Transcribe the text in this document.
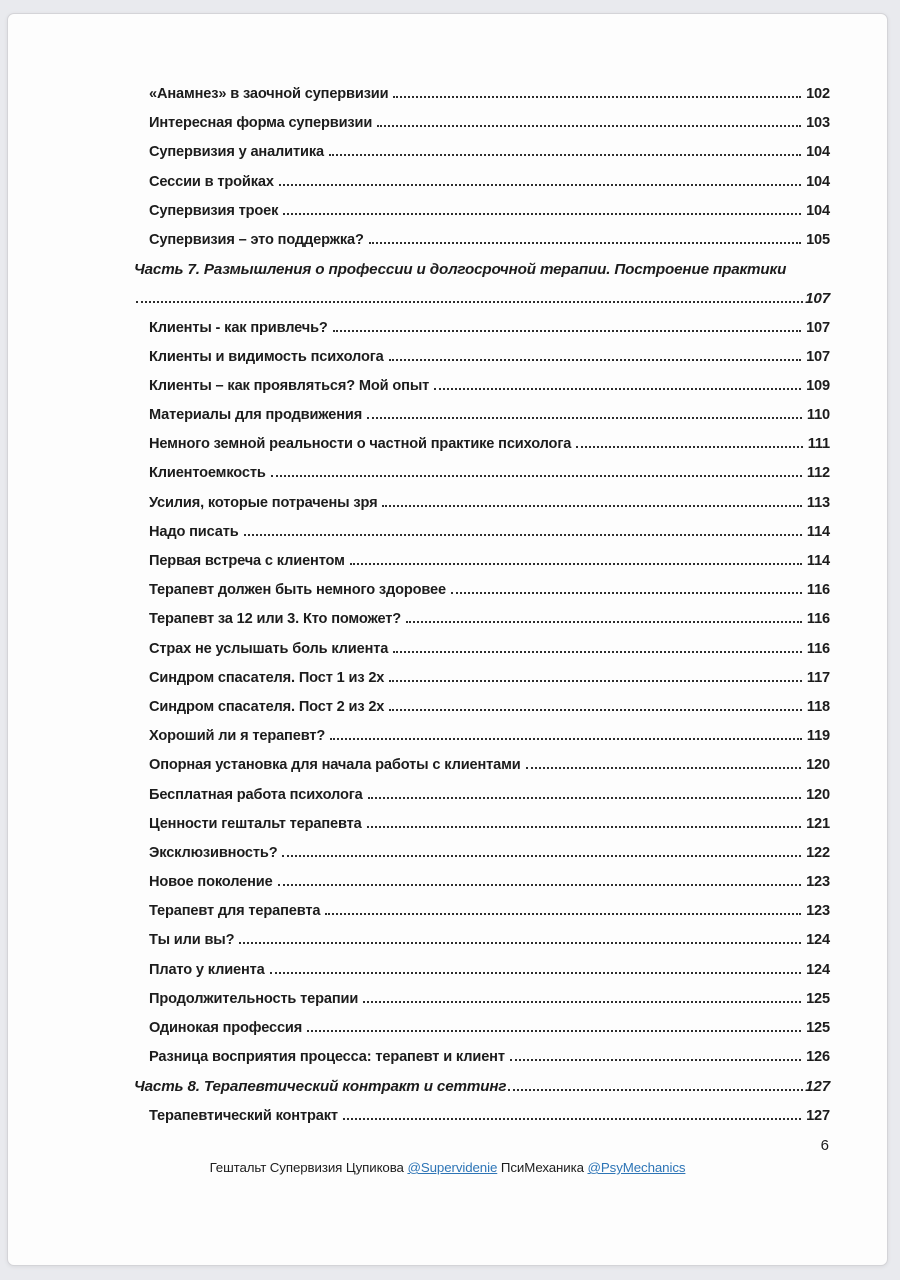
«Анамнез» в заочной супервизии	102
Интересная форма супервизии	103
Супервизия у аналитика	104
Сессии в тройках	104
Супервизия троек	104
Супервизия – это поддержка?	105
Часть 7. Размышления о профессии и долгосрочной терапии. Построение практики
107
Клиенты - как привлечь?	107
Клиенты и видимость психолога	107
Клиенты – как проявляться? Мой опыт	109
Материалы для продвижения	110
Немного земной реальности о частной практике психолога	111
Клиентоемкость	112
Усилия, которые потрачены зря	113
Надо писать	114
Первая встреча с клиентом	114
Терапевт должен быть немного здоровее	116
Терапевт за 12 или 3. Кто поможет?	116
Страх не услышать боль клиента	116
Синдром спасателя. Пост 1 из 2х	117
Синдром спасателя. Пост 2 из 2х	118
Хороший ли я терапевт?	119
Опорная установка для начала работы с клиентами	120
Бесплатная работа психолога	120
Ценности гештальт терапевта	121
Эксклюзивность?	122
Новое поколение	123
Терапевт для терапевта	123
Ты или вы?	124
Плато у клиента	124
Продолжительность терапии	125
Одинокая профессия	125
Разница восприятия процесса: терапевт и клиент	126
Часть 8. Терапевтический контракт и сеттинг	127
Терапевтический контракт	127
6
Гештальт Супервизия Цупикова @Supervidenie ПсиМеханика @PsyMechanics
